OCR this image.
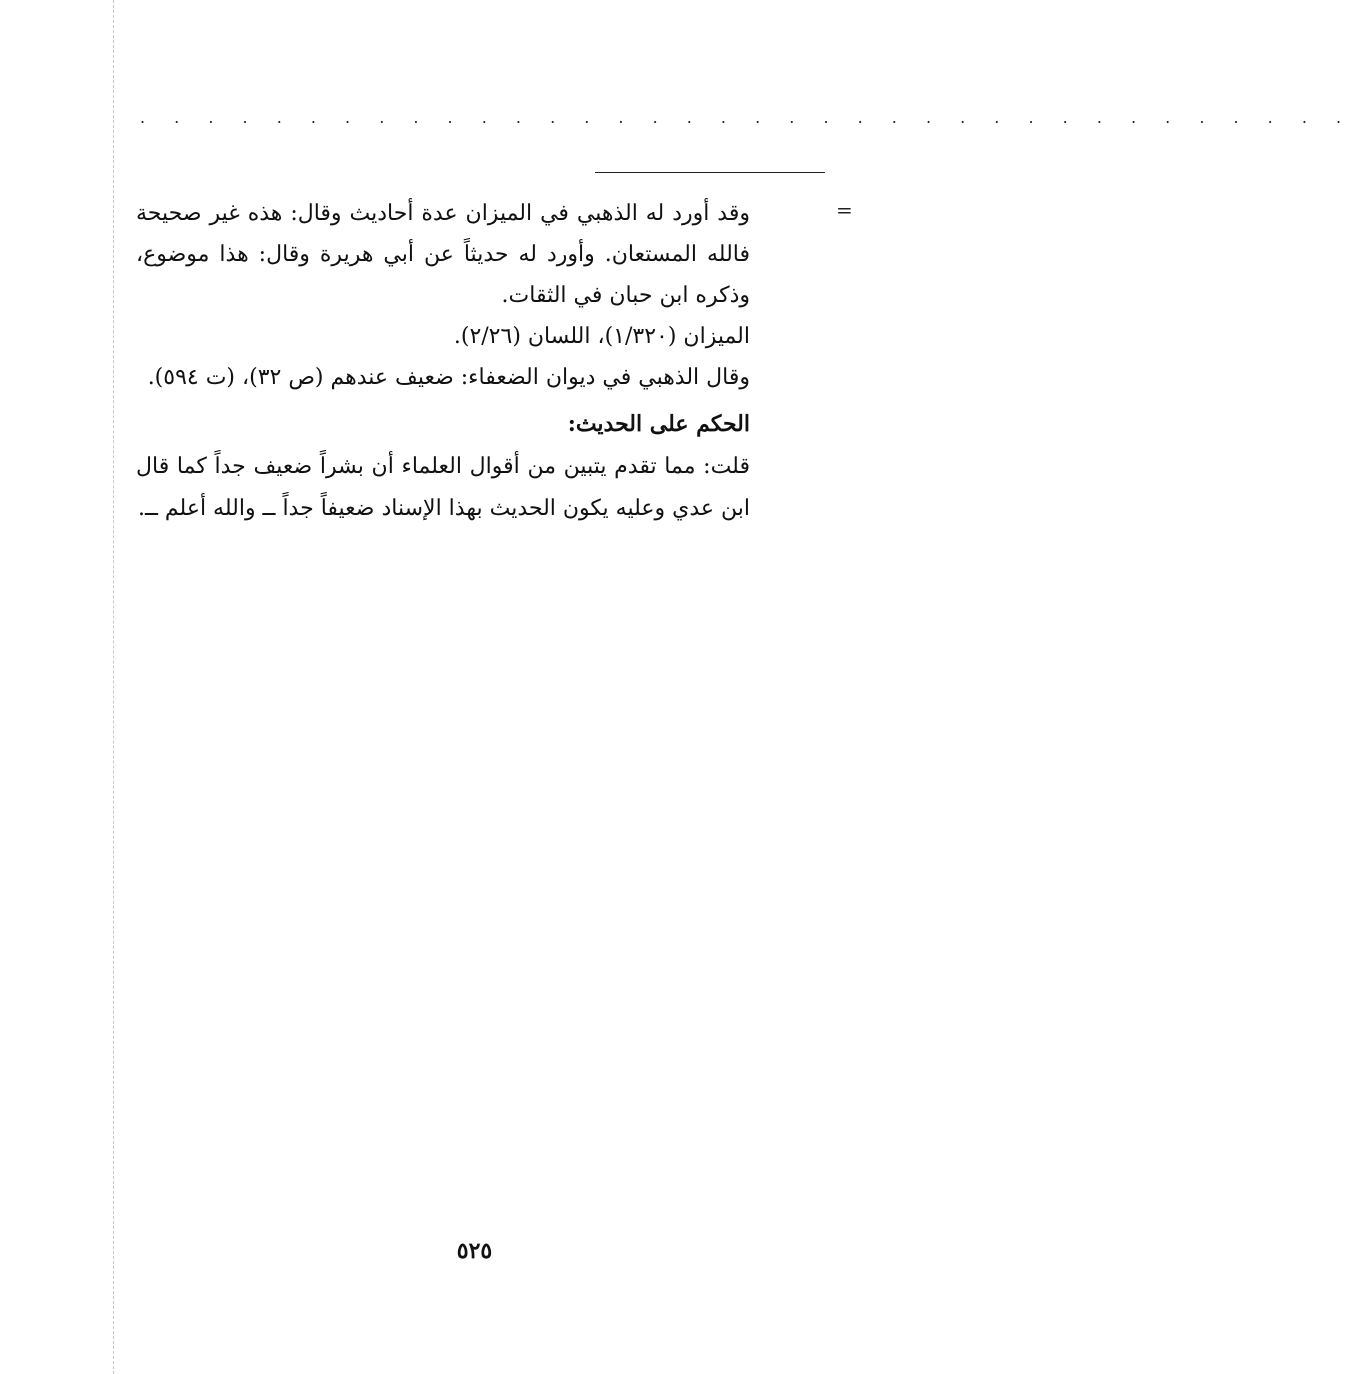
. . . . . . . . . . . . . . . . . . . . . . . . . . . . . . . . . . . .
=

وقد أورد له الذهبي في الميزان عدة أحاديث وقال: هذه غير صحيحة فالله المستعان. وأورد له حديثاً عن أبي هريرة وقال: هذا موضوع، وذكره ابن حبان في الثقات.

الميزان (١/٣٢٠)، اللسان (٢/٢٦).

وقال الذهبي في ديوان الضعفاء: ضعيف عندهم (ص ٣٢)، (ت ٥٩٤).

الحكم على الحديث:

قلت: مما تقدم يتبين من أقوال العلماء أن بشراً ضعيف جداً كما قال ابن عدي وعليه يكون الحديث بهذا الإسناد ضعيفاً جداً ــ والله أعلم ــ.

٥٢٥
